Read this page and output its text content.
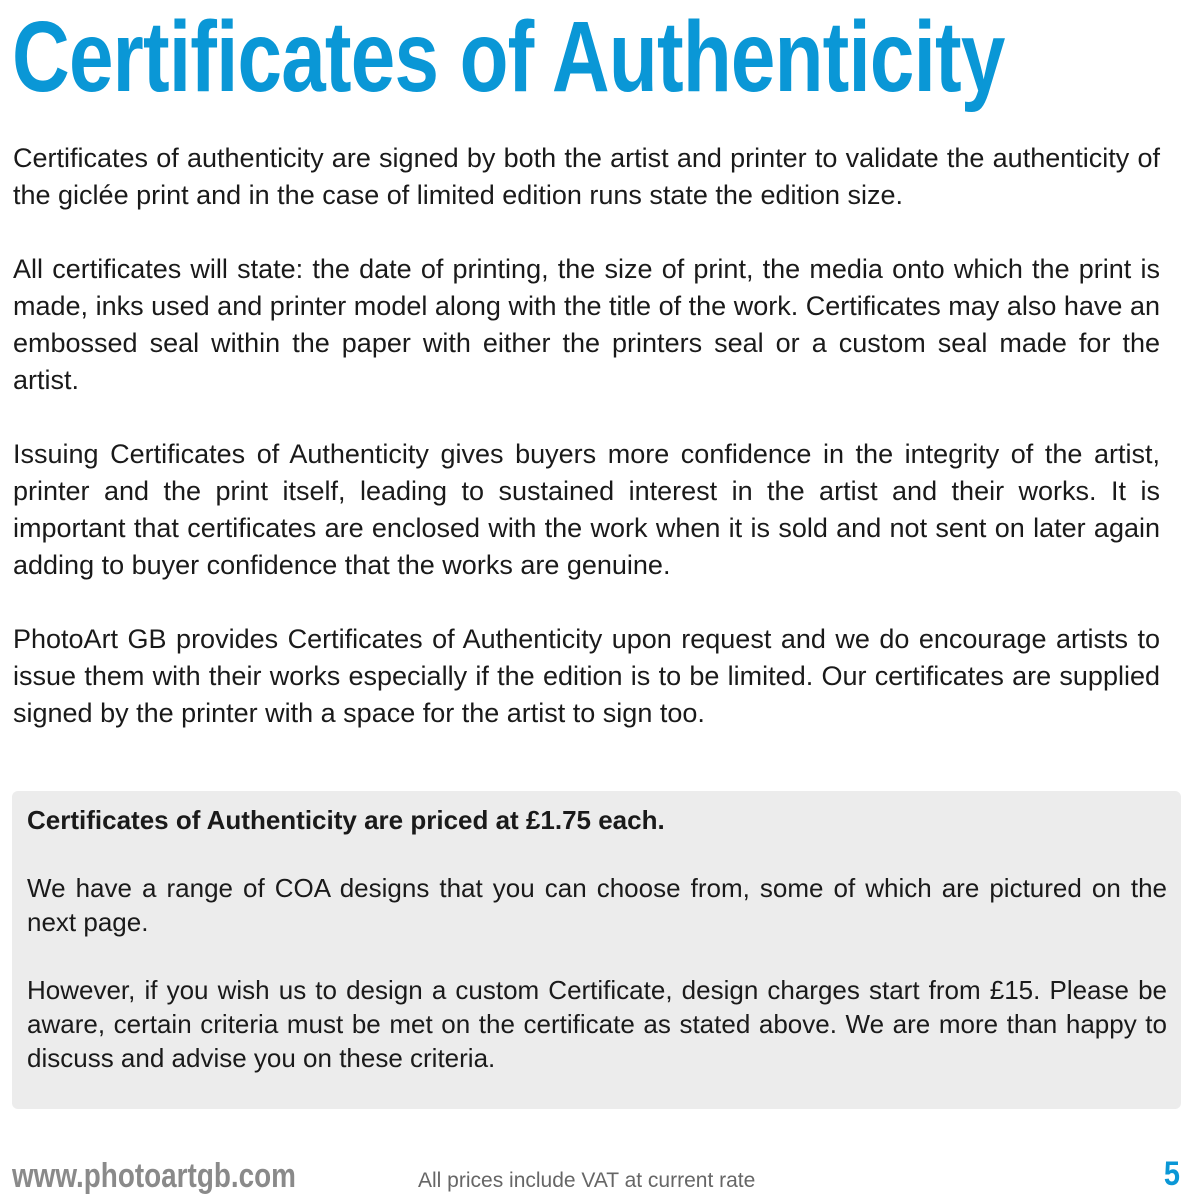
Certificates of Authenticity

Certificates of authenticity are signed by both the artist and printer to validate the authenticity of the giclée print and in the case of limited edition runs state the edition size.

All certificates will state: the date of printing, the size of print, the media onto which the print is made, inks used and printer model along with the title of the work. Certificates may also have an embossed seal within the paper with either the printers seal or a custom seal made for the artist.

Issuing Certificates of Authenticity gives buyers more confidence in the integrity of the artist, printer and the print itself, leading to sustained interest in the artist and their works. It is important that certificates are enclosed with the work when it is sold and not sent on later again adding to buyer confidence that the works are genuine.

PhotoArt GB provides Certificates of Authenticity upon request and we do encourage artists to issue them with their works especially if the edition is to be limited. Our certificates are supplied signed by the printer with a space for the artist to sign too.

Certificates of Authenticity are priced at £1.75 each.

We have a range of COA designs that you can choose from, some of which are pictured on the next page.

However, if you wish us to design a custom Certificate, design charges start from £15. Please be aware, certain criteria must be met on the certificate as stated above. We are more than happy to discuss and advise you on these criteria.

www.photoartgb.com	All prices include VAT at current rate	5
